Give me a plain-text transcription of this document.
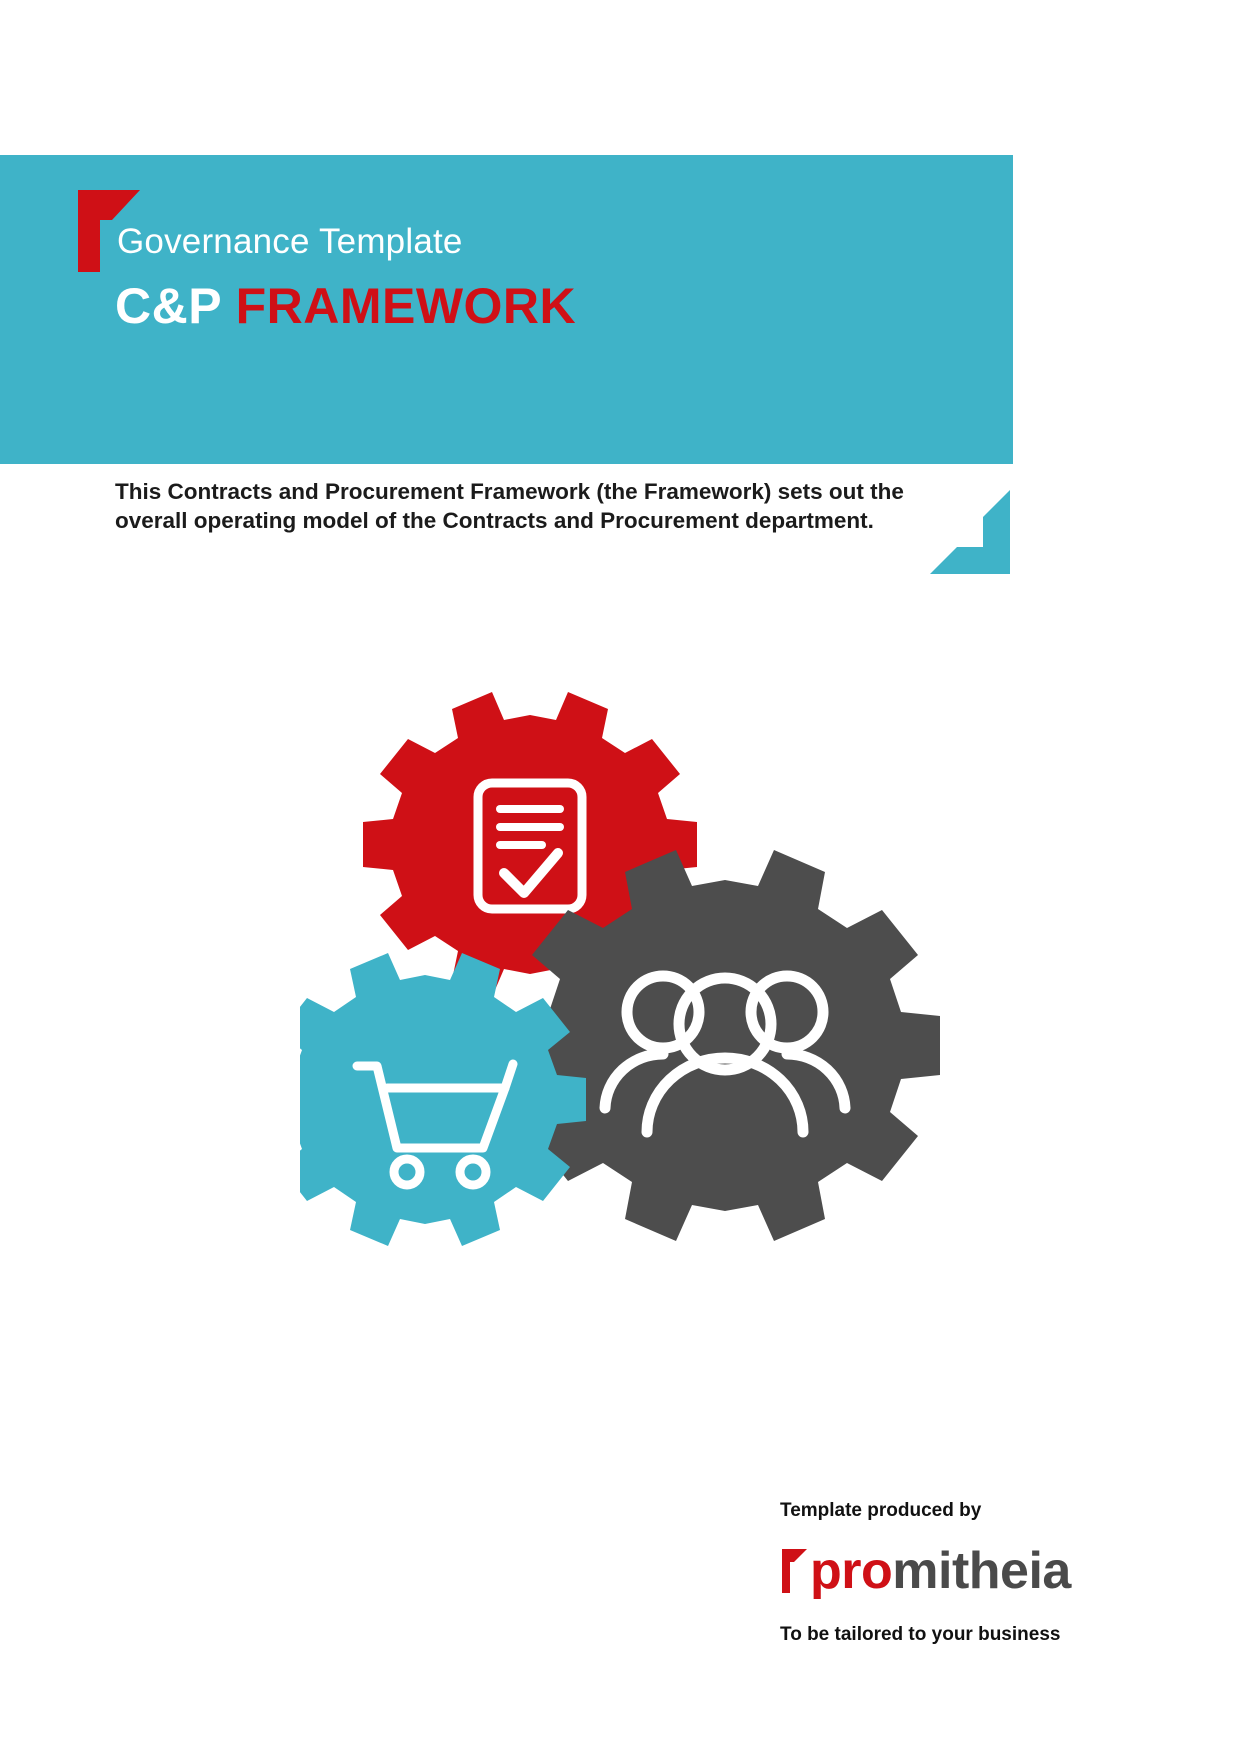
Governance Template
C&P FRAMEWORK
This Contracts and Procurement Framework (the Framework) sets out the overall operating model of the Contracts and Procurement department.
Template produced by
promitheia
To be tailored to your business
